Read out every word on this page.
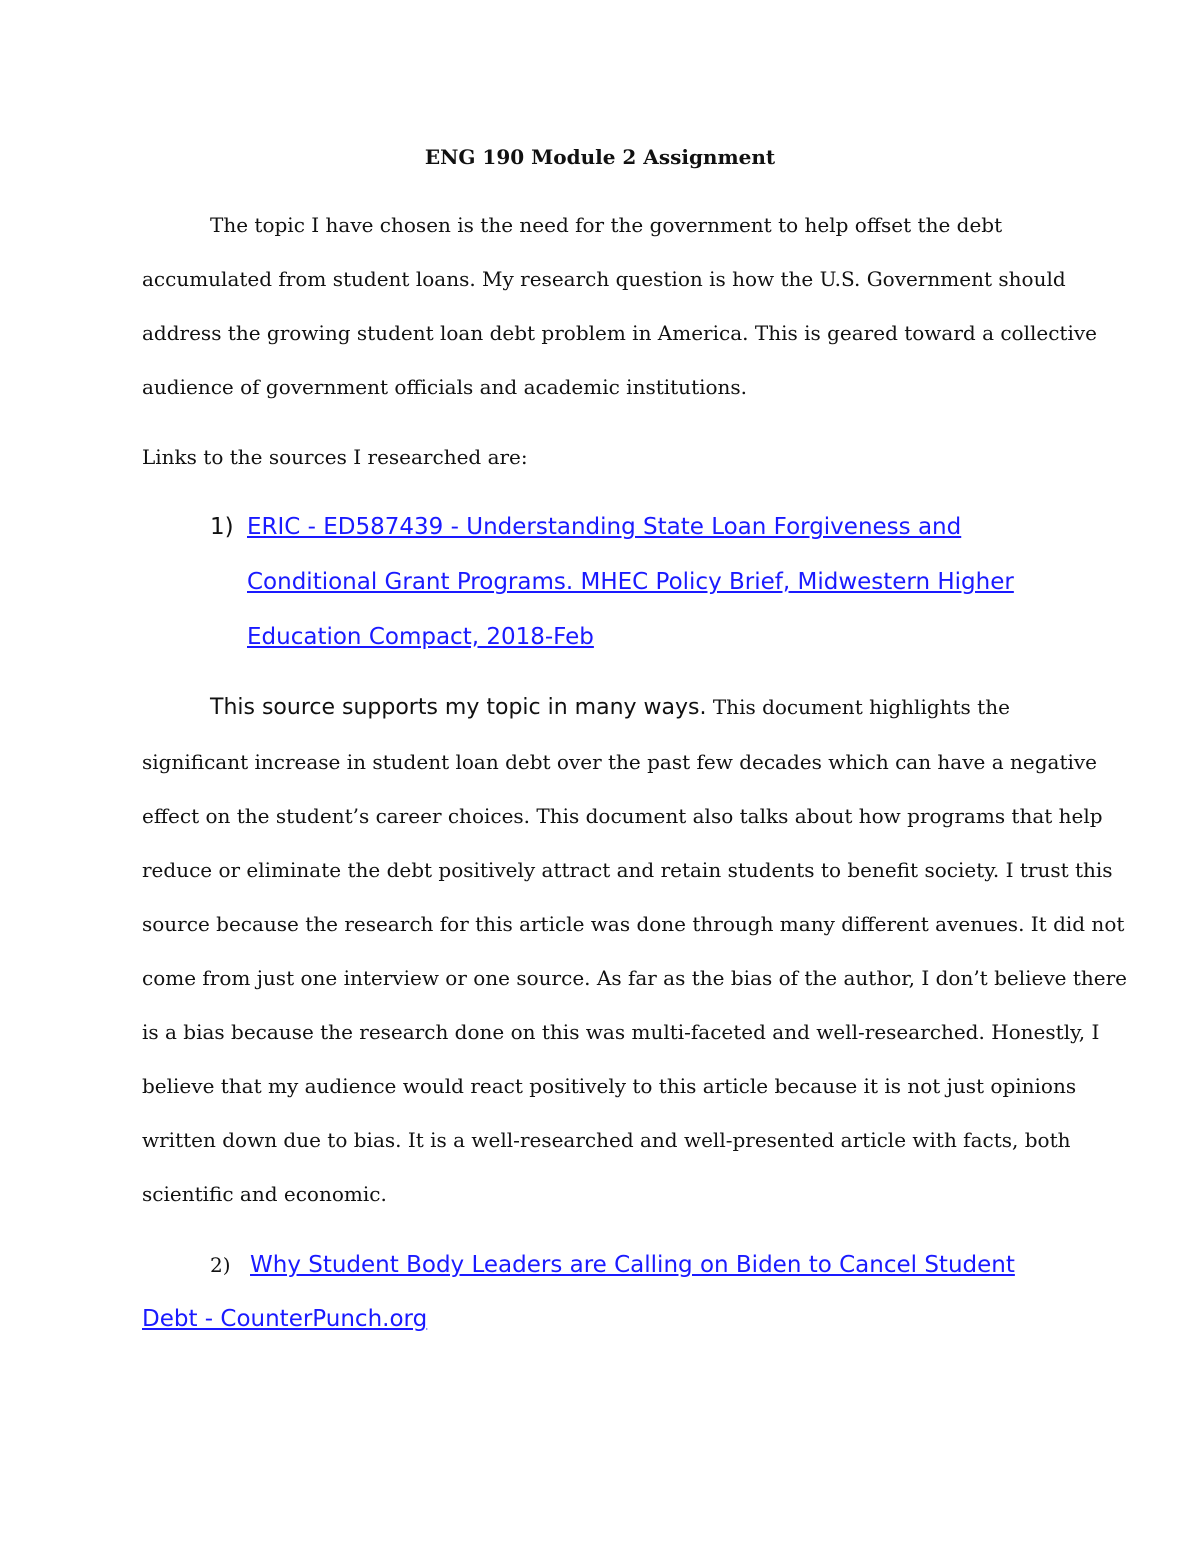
ENG 190 Module 2 Assignment
The topic I have chosen is the need for the government to help offset the debt
accumulated from student loans. My research question is how the U.S. Government should
address the growing student loan debt problem in America. This is geared toward a collective
audience of government officials and academic institutions.
Links to the sources I researched are:
1) ERIC - ED587439 - Understanding State Loan Forgiveness and
Conditional Grant Programs. MHEC Policy Brief, Midwestern Higher
Education Compact, 2018-Feb
This source supports my topic in many ways. This document highlights the
significant increase in student loan debt over the past few decades which can have a negative
effect on the student’s career choices. This document also talks about how programs that help
reduce or eliminate the debt positively attract and retain students to benefit society. I trust this
source because the research for this article was done through many different avenues. It did not
come from just one interview or one source. As far as the bias of the author, I don’t believe there
is a bias because the research done on this was multi-faceted and well-researched. Honestly, I
believe that my audience would react positively to this article because it is not just opinions
written down due to bias. It is a well-researched and well-presented article with facts, both
scientific and economic.
2) Why Student Body Leaders are Calling on Biden to Cancel Student
Debt - CounterPunch.org
